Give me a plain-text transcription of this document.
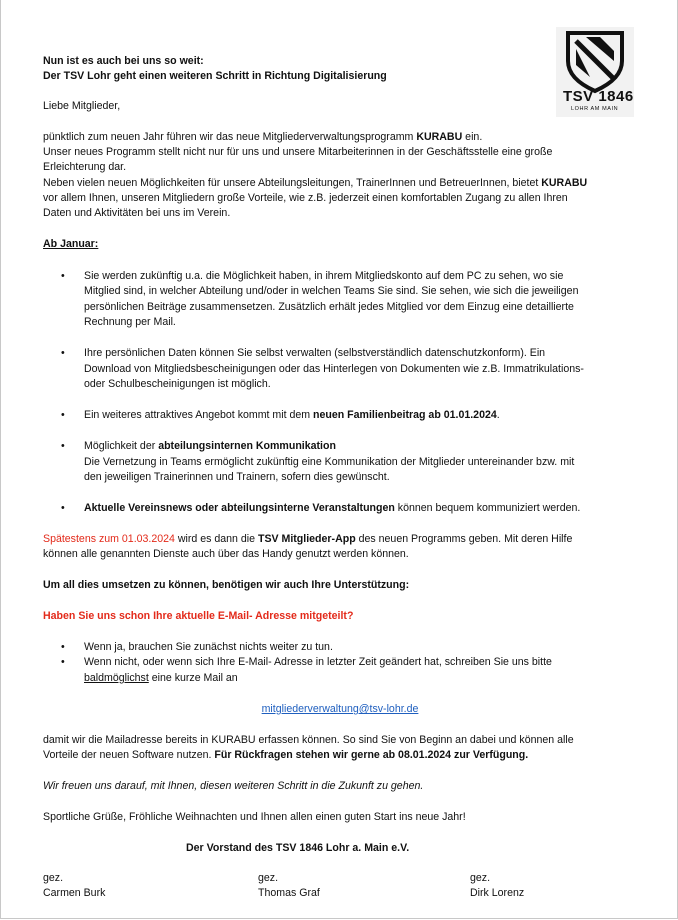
TSV 1846
LOHR AM MAIN
Nun ist es auch bei uns so weit:
Der TSV Lohr geht einen weiteren Schritt in Richtung Digitalisierung
Liebe Mitglieder,
pünktlich zum neuen Jahr führen wir das neue Mitgliederverwaltungsprogramm KURABU ein.
Unser neues Programm stellt nicht nur für uns und unsere Mitarbeiterinnen in der Geschäftsstelle eine große
Erleichterung dar.
Neben vielen neuen Möglichkeiten für unsere Abteilungsleitungen, TrainerInnen und BetreuerInnen, bietet KURABU
vor allem Ihnen, unseren Mitgliedern große Vorteile, wie z.B. jederzeit einen komfortablen Zugang zu allen Ihren
Daten und Aktivitäten bei uns im Verein.
Ab Januar:
• Sie werden zukünftig u.a. die Möglichkeit haben, in ihrem Mitgliedskonto auf dem PC zu sehen, wo sie
Mitglied sind, in welcher Abteilung und/oder in welchen Teams Sie sind. Sie sehen, wie sich die jeweiligen
persönlichen Beiträge zusammensetzen. Zusätzlich erhält jedes Mitglied vor dem Einzug eine detaillierte
Rechnung per Mail.
• Ihre persönlichen Daten können Sie selbst verwalten (selbstverständlich datenschutzkonform). Ein
Download von Mitgliedsbescheinigungen oder das Hinterlegen von Dokumenten wie z.B. Immatrikulations-
oder Schulbescheinigungen ist möglich.
• Ein weiteres attraktives Angebot kommt mit dem neuen Familienbeitrag ab 01.01.2024.
• Möglichkeit der abteilungsinternen Kommunikation
Die Vernetzung in Teams ermöglicht zukünftig eine Kommunikation der Mitglieder untereinander bzw. mit
den jeweiligen Trainerinnen und Trainern, sofern dies gewünscht.
• Aktuelle Vereinsnews oder abteilungsinterne Veranstaltungen können bequem kommuniziert werden.
Spätestens zum 01.03.2024 wird es dann die TSV Mitglieder-App des neuen Programms geben. Mit deren Hilfe
können alle genannten Dienste auch über das Handy genutzt werden können.
Um all dies umsetzen zu können, benötigen wir auch Ihre Unterstützung:
Haben Sie uns schon Ihre aktuelle E-Mail- Adresse mitgeteilt?
• Wenn ja, brauchen Sie zunächst nichts weiter zu tun.
• Wenn nicht, oder wenn sich Ihre E-Mail- Adresse in letzter Zeit geändert hat, schreiben Sie uns bitte
baldmöglichst eine kurze Mail an
mitgliederverwaltung@tsv-lohr.de
damit wir die Mailadresse bereits in KURABU erfassen können. So sind Sie von Beginn an dabei und können alle
Vorteile der neuen Software nutzen. Für Rückfragen stehen wir gerne ab 08.01.2024 zur Verfügung.
Wir freuen uns darauf, mit Ihnen, diesen weiteren Schritt in die Zukunft zu gehen.
Sportliche Grüße, Fröhliche Weihnachten und Ihnen allen einen guten Start ins neue Jahr!
Der Vorstand des TSV 1846 Lohr a. Main e.V.
gez.
Carmen Burk
gez.
Thomas Graf
gez.
Dirk Lorenz
